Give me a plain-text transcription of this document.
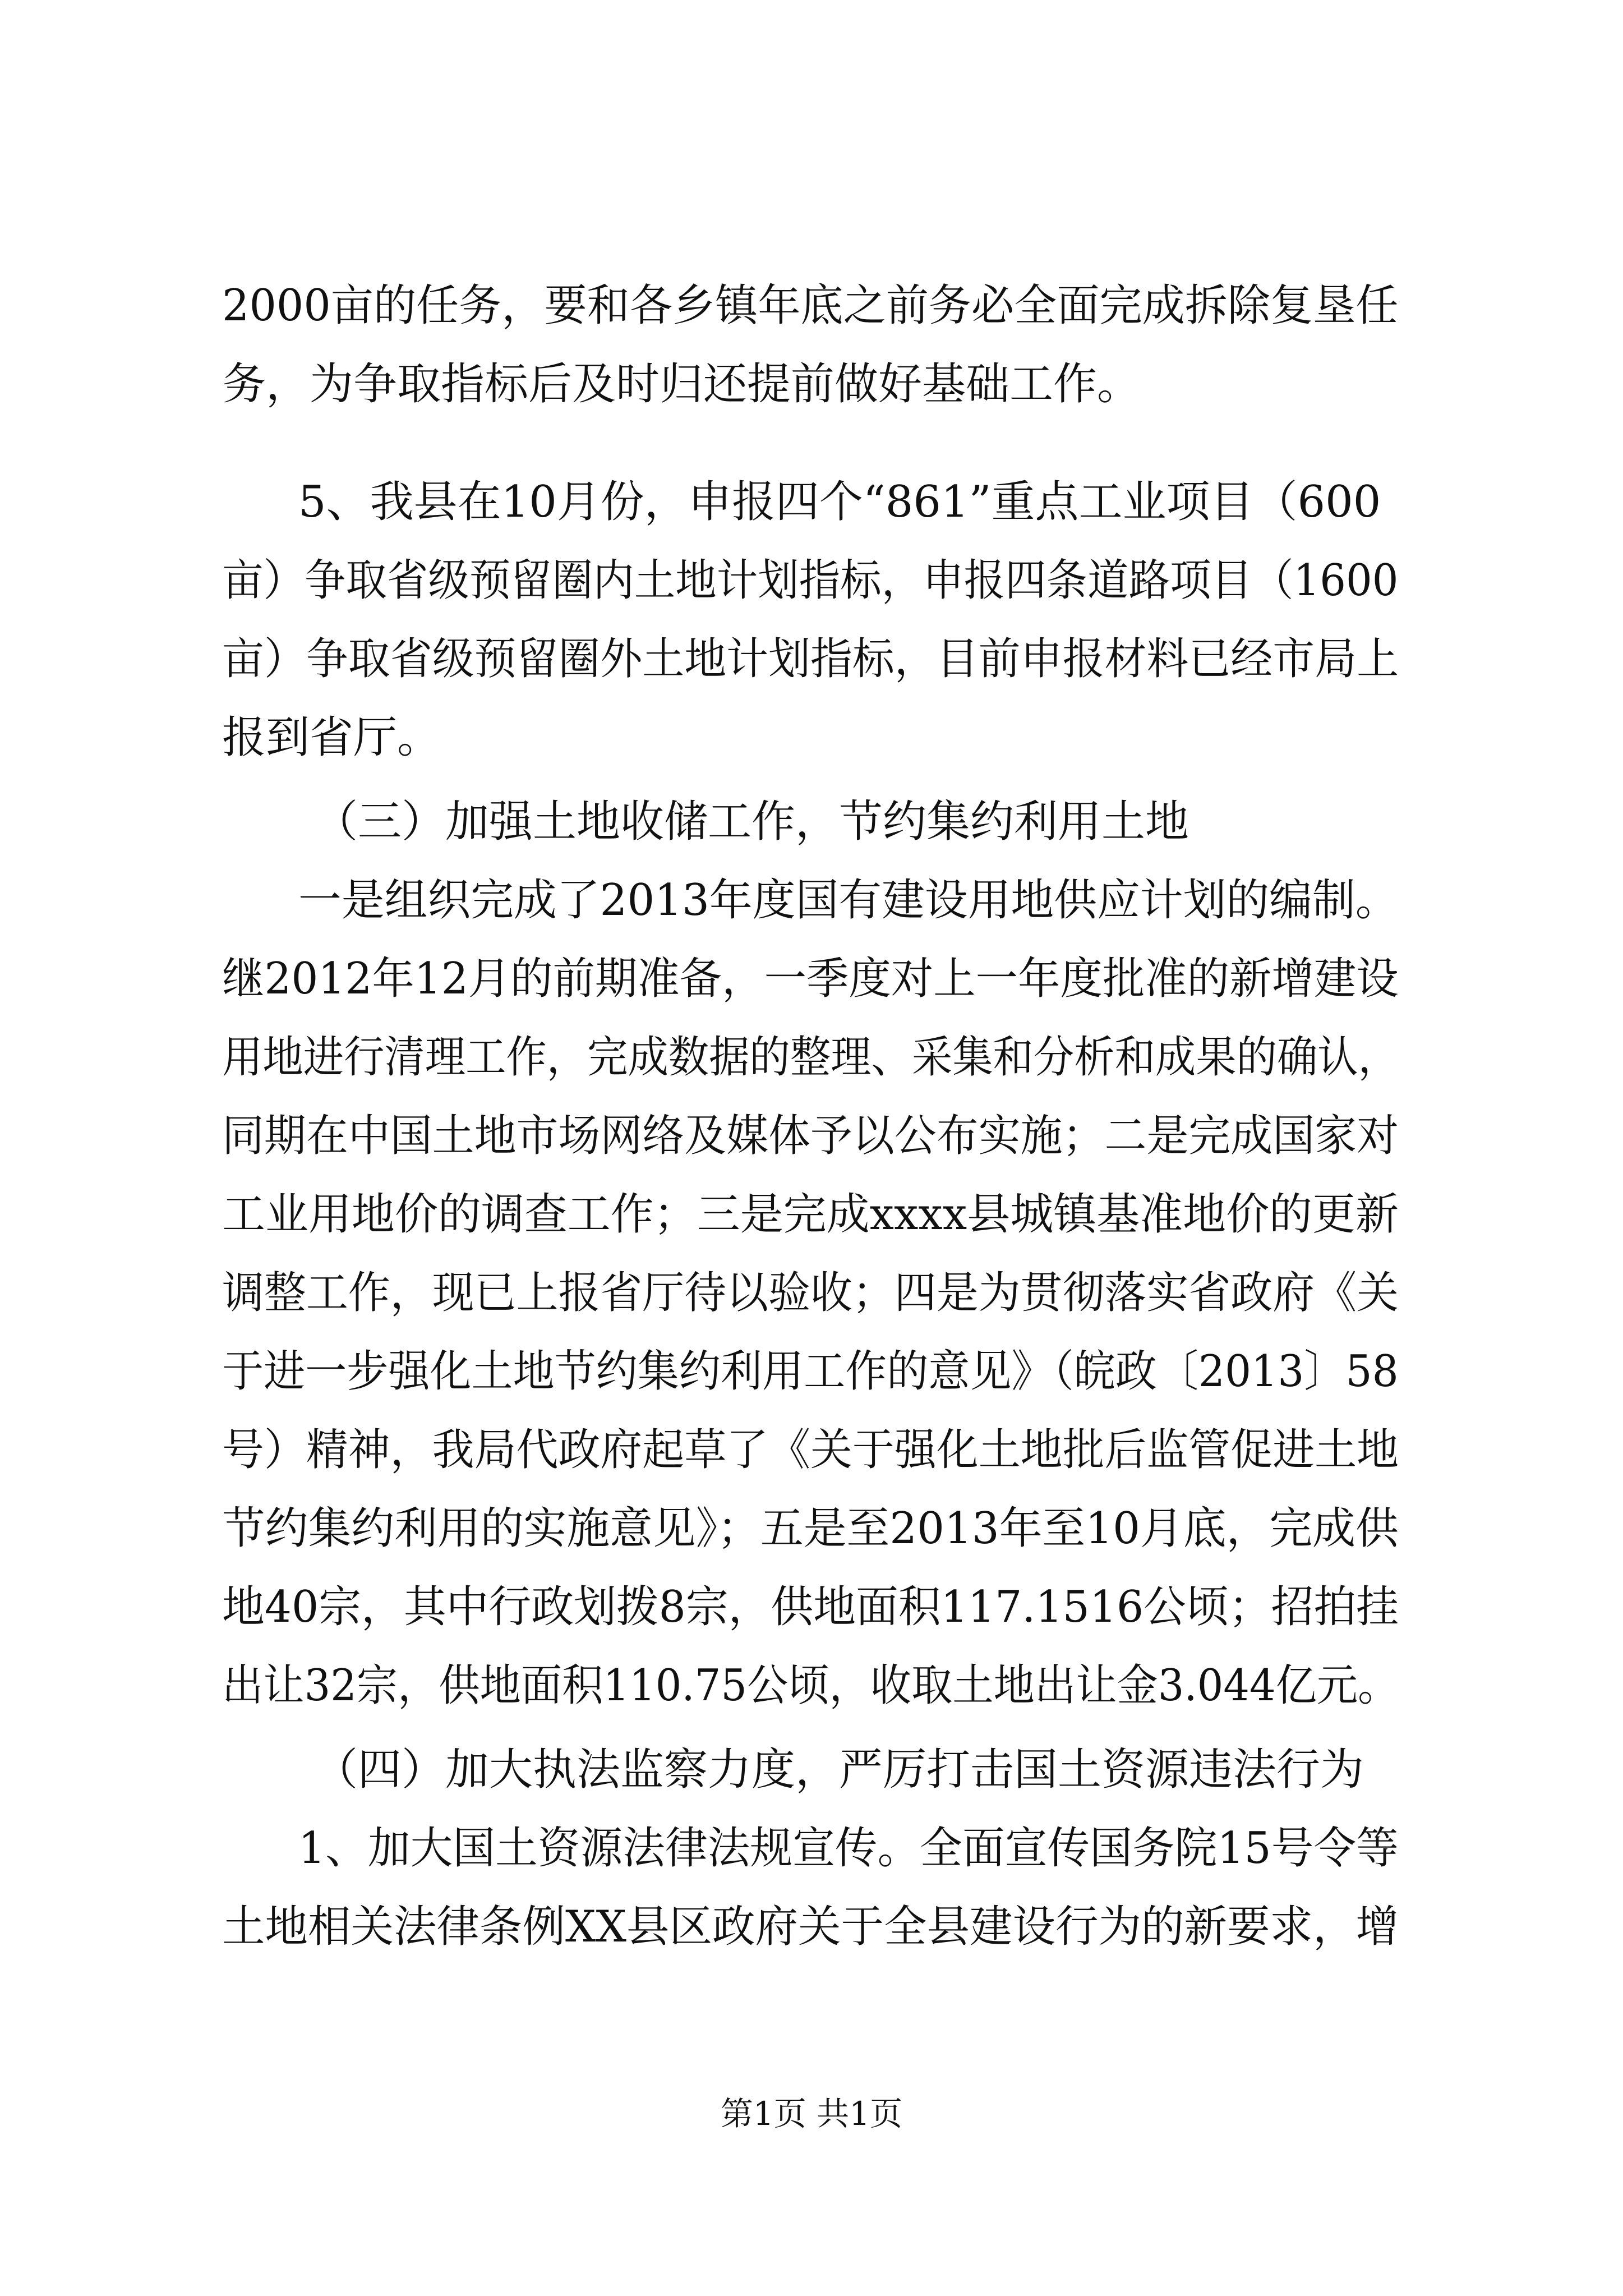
2000亩的任务，要和各乡镇年底之前务必全面完成拆除复垦任
务，为争取指标后及时归还提前做好基础工作。
5、我县在10月份，申报四个“861”重点工业项目（600
亩）争取省级预留圈内土地计划指标，申报四条道路项目（1600
亩）争取省级预留圈外土地计划指标，目前申报材料已经市局上
报到省厅。
（三）加强土地收储工作，节约集约利用土地
一是组织完成了2013年度国有建设用地供应计划的编制。
继2012年12月的前期准备，一季度对上一年度批准的新增建设
用地进行清理工作，完成数据的整理、采集和分析和成果的确认，
同期在中国土地市场网络及媒体予以公布实施；二是完成国家对
工业用地价的调查工作；三是完成xxxx县城镇基准地价的更新
调整工作，现已上报省厅待以验收；四是为贯彻落实省政府《关
于进一步强化土地节约集约利用工作的意见》（皖政〔2013〕58
号）精神，我局代政府起草了《关于强化土地批后监管促进土地
节约集约利用的实施意见》；五是至2013年至10月底，完成供
地40宗，其中行政划拨8宗，供地面积117.1516公顷；招拍挂
出让32宗，供地面积110.75公顷，收取土地出让金3.044亿元。
（四）加大执法监察力度，严厉打击国土资源违法行为
1、加大国土资源法律法规宣传。全面宣传国务院15号令等
土地相关法律条例XX县区政府关于全县建设行为的新要求，增
第1页 共1页
